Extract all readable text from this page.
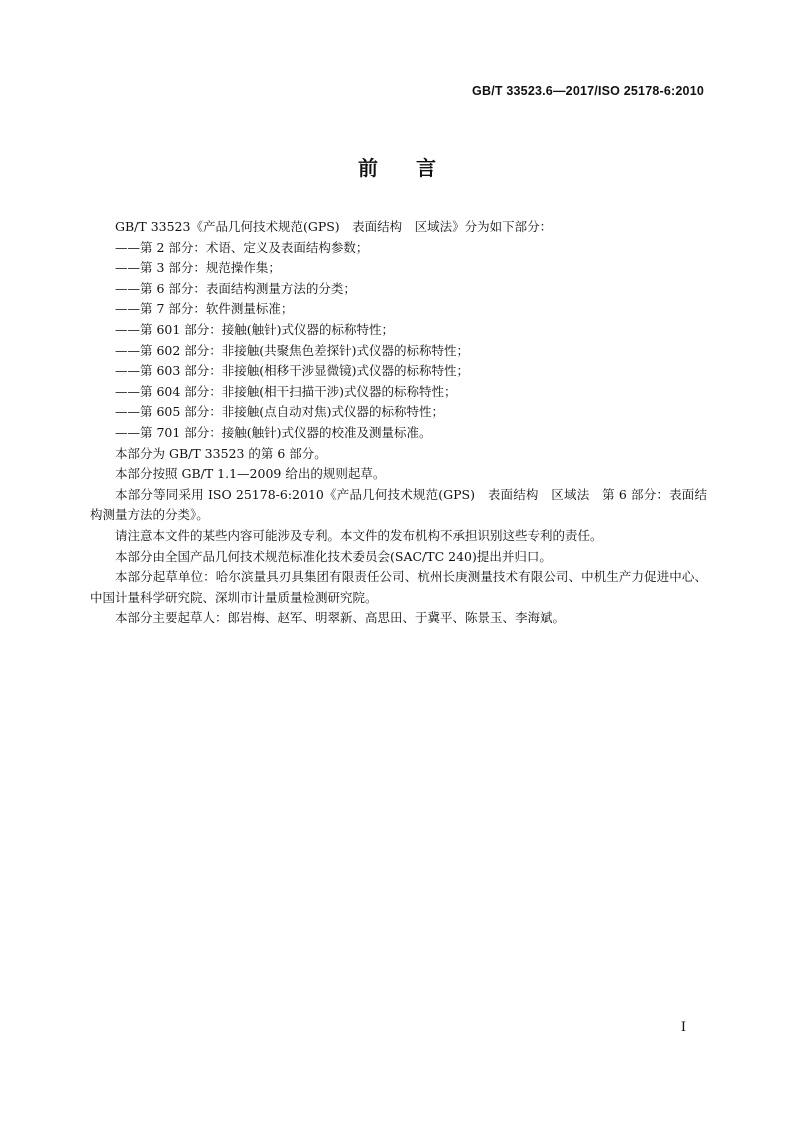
GB/T 33523.6—2017/ISO 25178-6:2010
前言

GB/T 33523《产品几何技术规范(GPS)　表面结构　区域法》分为如下部分：

——第 2 部分：术语、定义及表面结构参数；

——第 3 部分：规范操作集；

——第 6 部分：表面结构测量方法的分类；

——第 7 部分：软件测量标准；

——第 601 部分：接触(触针)式仪器的标称特性；

——第 602 部分：非接触(共聚焦色差探针)式仪器的标称特性；

——第 603 部分：非接触(相移干涉显微镜)式仪器的标称特性；

——第 604 部分：非接触(相干扫描干涉)式仪器的标称特性；

——第 605 部分：非接触(点自动对焦)式仪器的标称特性；

——第 701 部分：接触(触针)式仪器的校准及测量标准。

本部分为 GB/T 33523 的第 6 部分。

本部分按照 GB/T 1.1—2009 给出的规则起草。

本部分等同采用 ISO 25178-6:2010《产品几何技术规范(GPS)　表面结构　区域法　第 6 部分：表面结构测量方法的分类》。

请注意本文件的某些内容可能涉及专利。本文件的发布机构不承担识别这些专利的责任。

本部分由全国产品几何技术规范标准化技术委员会(SAC/TC 240)提出并归口。

本部分起草单位：哈尔滨量具刃具集团有限责任公司、杭州长庚测量技术有限公司、中机生产力促进中心、中国计量科学研究院、深圳市计量质量检测研究院。

本部分主要起草人：郎岩梅、赵军、明翠新、高思田、于冀平、陈景玉、李海斌。

I
